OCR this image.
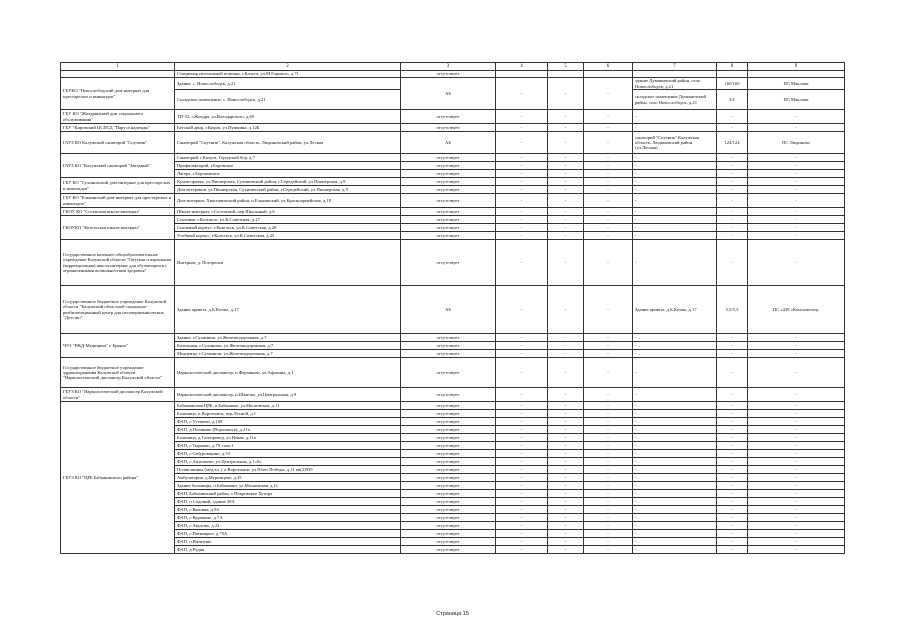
1	2	3	4	5	6	7	8	9
	Стационар неотложной помощи, г.Калуга, ул.М.Горького, д.71	отсутствует						
ГБУКО "Новослободский дом-интернат для престарелых и инвалидов"	Здание, с. Новослободск, д.21	АБ	-	-	-	здание Думиничский район, село Новослободск, д.21	160/160	ПС Маклаки
	Складское помещение, с. Новослободск, д.21					складское помещение Думиничский район, село Новослободск, д.21	3/1	ПС Маклаки
ГБУ КО "Жиздринский дом социального обслуживания"	ТП-52, г.Жиздра, ул.Володарского, д.69	отсутствует	-	-	-	-	-	-
ГБУ "Кировский ЦСПСД "Паруса надежды"	Бетский двор, г.Киров, ул.Пушкина, д.12Б	отсутствует	-	-	-	-	-	-
ГАУЗ КО Калужский санаторий "Спутник"	Санаторий "Спутник", Калужская область, Людиновский район, ул.Лесная	АБ	-	-	-	санаторий "Спутник" Калужская область, Людиновский район (ул.Лесная)	124/124	ПС Людиново
ГАУЗ КО "Калужский санаторий "Звездный"	Санаторий, г.Калуга, Городской бор, д.7	отсутствует	-	-	-	-	-	-
	Профилакторий, г.Боровское	отсутствует	-	-	-	-	-	-
	Лагерь, г.Бороковское	отсутствует	-	-	-	-	-	-
ГБУ КО "Сухиничский дом-интернат для престарелых и инвалидов"	Кухня-прачка, ул.Пионерская, Сухиничский район, г.Середейский, ул.Пионерская, д.9	отсутствует	-	-	-	-	-	-
	Дом ветеранов, ул.Пионерская, Сухиничский район, г.Середейский, ул.Пионерская, д.9	отсутствует	-	-	-	-	-	-
ГБУ КО "Ельнинский дом-интернат для престарелых и инвалидов"	Дом-интернат, Хвастовичский район, п.Ельнинский, ул.Красноармейская, д.18	отсутствует	-	-	-	-	-	-
ГКОУ КО "Сосенская школа-интернат"	Школа-интернат, г.Сосенский, пер.Школьный, д.6	отсутствует	-	-	-	-	-	-
ГКОУКО "Козельская школа-интернат"	Столовая, г.Козельск, ул.К.Советская, д.27	отсутствует	-	-	-	-	-	-
	Спальный корпус, г.Козельск, ул.К.Советская, д.28	отсутствует	-	-	-	-	-	-
	Учебный корпус, г.Козельск, ул.К.Советская, д.25	отсутствует	-	-	-	-	-	-
Государственное казенное общеобразовательное учреждение Калужской области "Опуская специальная (коррекционная) школа-интернат для обучающихся с ограниченными возможностями здоровья"	Интернат, д. Погорелки	отсутствует	-	-	-	-	-	-
Государственное бюджетное учреждение Калужской области "Калужский областной социально-реабилитационный центр для несовершеннолетних "Детство"	Здание приюта, д.Б.Козлы, д.17	АБ	-	-	-	Здание приюта, д.Б.Козлы, д.17	5,5/5,5	ПС «439 «Комсомолец»
ЧУЗ "РЖД-Медицина" г. Брянск"	Здание, г.Сухиничи, ул.Железнодорожная, д.7	отсутствует	-	-	-	-	-	-
	Котельная, г.Сухиничи, ул.Железнодорожная, д.7	отсутствует	-	-	-	-	-	-
	Медцентр, г.Сухиничи, ул.Железнодорожная, д.7	отсутствует	-	-	-	-	-	-
Государственное бюджетное учреждение здравоохранения Калужской области "Наркологический диспансер Калужской области"	Наркологический диспансер, п.Ферзиково, ул.Афонина, д.1	отсутствует	-	-	-	-	-	-
ГБУЗ КО "Наркологический диспансер Калужской области"	Наркологический диспансер, п.Шамово, ул.Центральная, д.9	отсутствует	-	-	-	-	-	-
ГБУЗ КО "ЦРБ Бабынинского района"	Бабынинская ЦРБ, п.Бабынино, ул.Московская, д.11	отсутствует	-	-	-	-	-	-
	Больница, п.Воротынск, пер.Лесной, д.1	отсутствует	-	-	-	-	-	-
	ФАП, с.Утешево, д.108	отсутствует	-	-	-	-	-	-
	ФАП, д.Поляково (Воротынск), д.21а	отсутствует	-	-	-	-	-	-
	Больница, д.Газопровод, ул.Новая, д.11а	отсутствует	-	-	-	-	-	-
	ФАП, с.Тырново, д.79, пом.1	отсутствует	-	-	-	-	-	-
	ФАП, с.Сабуровщино, д.53	отсутствует	-	-	-	-	-	-
	ФАП, с.Антопьево, ул.Центральная, д.1«б»	отсутствует	-	-	-	-	-	-
	Поликлиника (мед.кл.), п.Воротынск, ул.50лет Победы, д.11 кв(2)939	отсутствует	-	-	-	-	-	-
	Амбулатория, д.Муромцево, д.35	отсутствует	-	-	-	-	-	-
	Здание больницы, п.Бабынино, ул.Московская, д.11	отсутствует	-	-	-	-	-	-
	ФАП, Бабынинский район, с.Покровское Хутора	отсутствует	-	-	-	-	-	-
	ФАП, п.Садовый, здание 39А	отсутствует	-	-	-	-	-	-
	ФАП, с.Вязовна, д.94	отсутствует	-	-	-	-	-	-
	ФАП, с.Куракино, д.7А	отсутствует	-	-	-	-	-	-
	ФАП, с.Акулово, д.22	отсутствует	-	-	-	-	-	-
	ФАП, с.Пятницкое, д.75А	отсутствует	-	-	-	-	-	-
	ФАП, п.Вязитино	отсутствует	-	-	-	-	-	-
	ФАП, д.Рудня	отсутствует	-	-	-	-	-	-
Страница 15
